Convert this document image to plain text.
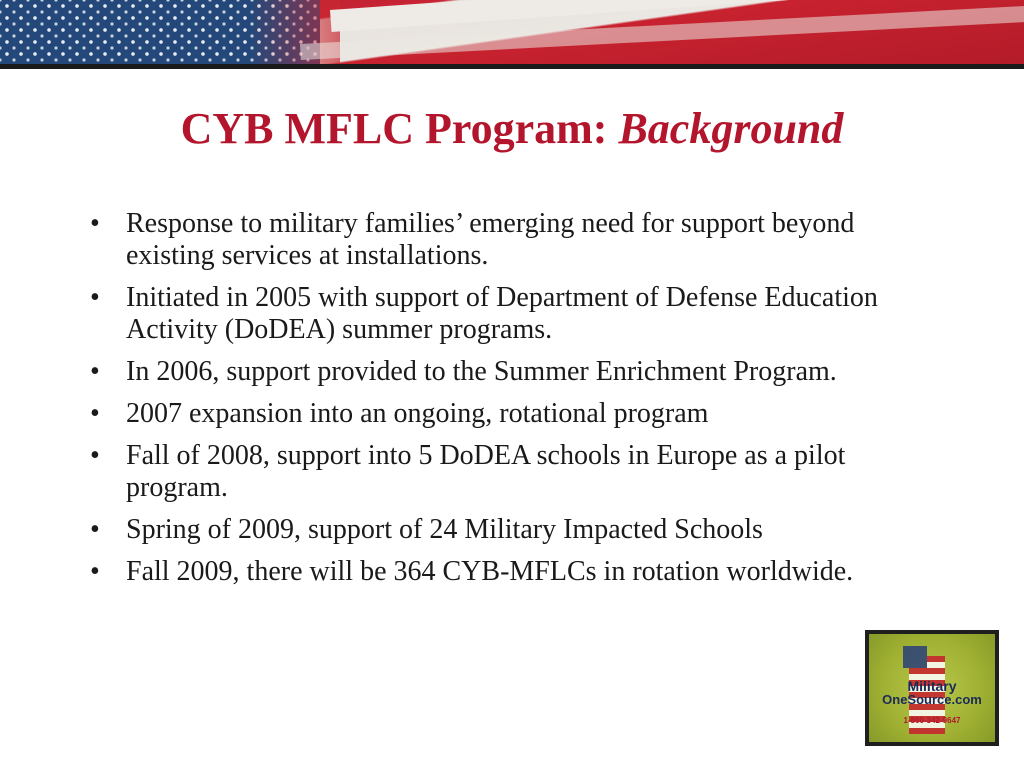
CYB MFLC Program: Background
• Response to military families’ emerging need for support beyond existing services at installations.
• Initiated in 2005 with support of Department of Defense Education Activity (DoDEA) summer programs.
• In 2006, support provided to the Summer Enrichment Program.
• 2007 expansion into an ongoing, rotational program
• Fall of 2008, support into 5 DoDEA schools in Europe as a pilot program.
• Spring of 2009, support of 24 Military Impacted Schools
• Fall 2009, there will be 364 CYB-MFLCs in rotation worldwide.
Military
OneSource.com
1-800-342-9647
